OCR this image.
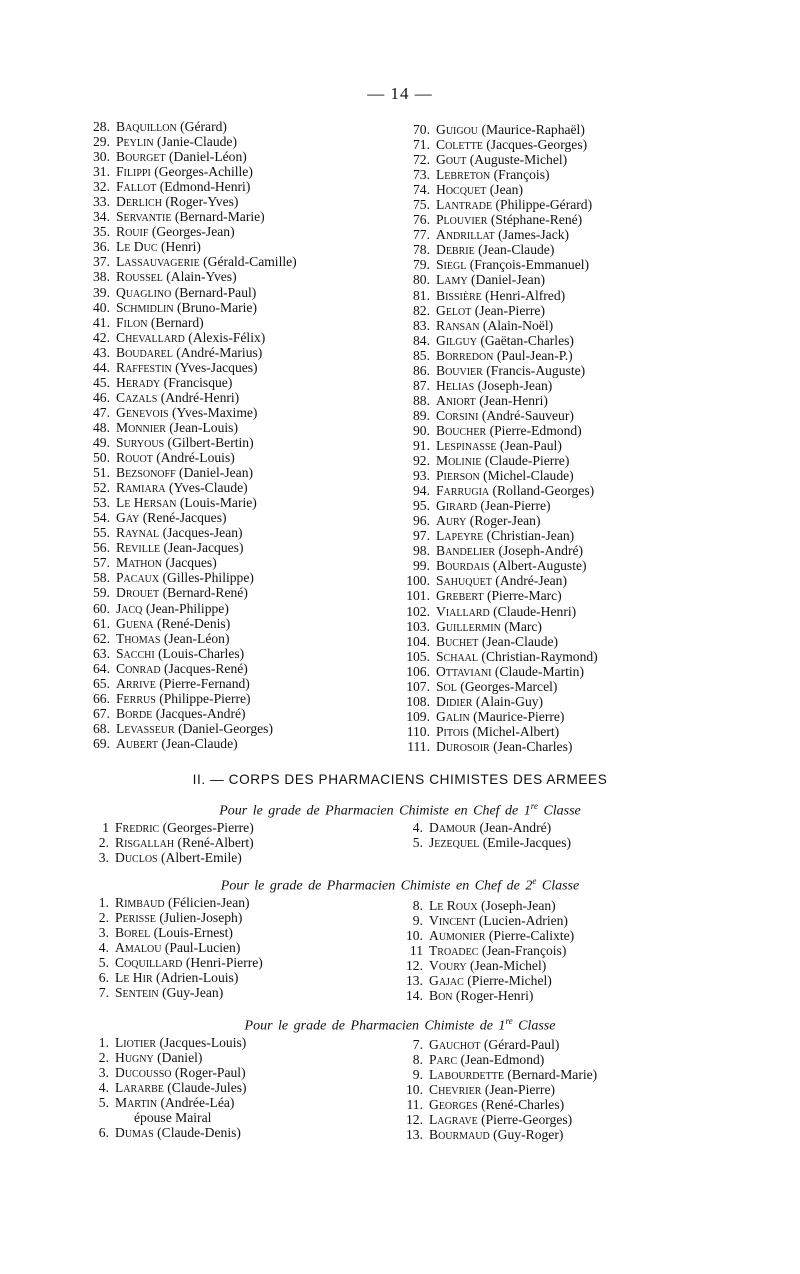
— 14 —
28. Baquillon (Gérard)
29. Peylin (Janie-Claude)
30. Bourget (Daniel-Léon)
31. Filippi (Georges-Achille)
32. Fallot (Edmond-Henri)
33. Derlich (Roger-Yves)
34. Servantie (Bernard-Marie)
35. Rouif (Georges-Jean)
36. Le Duc (Henri)
37. Lassauvagerie (Gérald-Camille)
38. Roussel (Alain-Yves)
39. Quaglino (Bernard-Paul)
40. Schmidlin (Bruno-Marie)
41. Filon (Bernard)
42. Chevallard (Alexis-Félix)
43. Boudarel (André-Marius)
44. Raffestin (Yves-Jacques)
45. Herady (Francisque)
46. Cazals (André-Henri)
47. Genevois (Yves-Maxime)
48. Monnier (Jean-Louis)
49. Suryous (Gilbert-Bertin)
50. Rouot (André-Louis)
51. Bezsonoff (Daniel-Jean)
52. Ramiara (Yves-Claude)
53. Le Hersan (Louis-Marie)
54. Gay (René-Jacques)
55. Raynal (Jacques-Jean)
56. Reville (Jean-Jacques)
57. Mathon (Jacques)
58. Pacaux (Gilles-Philippe)
59. Drouet (Bernard-René)
60. Jacq (Jean-Philippe)
61. Guena (René-Denis)
62. Thomas (Jean-Léon)
63. Sacchi (Louis-Charles)
64. Conrad (Jacques-René)
65. Arrive (Pierre-Fernand)
66. Ferrus (Philippe-Pierre)
67. Borde (Jacques-André)
68. Levasseur (Daniel-Georges)
69. Aubert (Jean-Claude)
70. Guigou (Maurice-Raphaël)
71. Colette (Jacques-Georges)
72. Gout (Auguste-Michel)
73. Lebreton (François)
74. Hocquet (Jean)
75. Lantrade (Philippe-Gérard)
76. Plouvier (Stéphane-René)
77. Andrillat (James-Jack)
78. Debrie (Jean-Claude)
79. Siegl (François-Emmanuel)
80. Lamy (Daniel-Jean)
81. Bissière (Henri-Alfred)
82. Gelot (Jean-Pierre)
83. Ransan (Alain-Noël)
84. Gilguy (Gaëtan-Charles)
85. Borredon (Paul-Jean-P.)
86. Bouvier (Francis-Auguste)
87. Helias (Joseph-Jean)
88. Aniort (Jean-Henri)
89. Corsini (André-Sauveur)
90. Boucher (Pierre-Edmond)
91. Lespinasse (Jean-Paul)
92. Molinie (Claude-Pierre)
93. Pierson (Michel-Claude)
94. Farrugia (Rolland-Georges)
95. Girard (Jean-Pierre)
96. Aury (Roger-Jean)
97. Lapeyre (Christian-Jean)
98. Bandelier (Joseph-André)
99. Bourdais (Albert-Auguste)
100. Sahuquet (André-Jean)
101. Grebert (Pierre-Marc)
102. Viallard (Claude-Henri)
103. Guillermin (Marc)
104. Buchet (Jean-Claude)
105. Schaal (Christian-Raymond)
106. Ottaviani (Claude-Martin)
107. Sol (Georges-Marcel)
108. Didier (Alain-Guy)
109. Galin (Maurice-Pierre)
110. Pitois (Michel-Albert)
111. Durosoir (Jean-Charles)
II. — CORPS DES PHARMACIENS CHIMISTES DES ARMEES
Pour le grade de Pharmacien Chimiste en Chef de 1re Classe
1 Fredric (Georges-Pierre)
2. Risgallah (René-Albert)
3. Duclos (Albert-Emile)
4. Damour (Jean-André)
5. Jezequel (Emile-Jacques)
Pour le grade de Pharmacien Chimiste en Chef de 2e Classe
1. Rimbaud (Félicien-Jean)
2. Perisse (Julien-Joseph)
3. Borel (Louis-Ernest)
4. Amalou (Paul-Lucien)
5. Coquillard (Henri-Pierre)
6. Le Hir (Adrien-Louis)
7. Sentein (Guy-Jean)
8. Le Roux (Joseph-Jean)
9. Vincent (Lucien-Adrien)
10. Aumonier (Pierre-Calixte)
11 Troadec (Jean-François)
12. Voury (Jean-Michel)
13. Gajac (Pierre-Michel)
14. Bon (Roger-Henri)
Pour le grade de Pharmacien Chimiste de 1re Classe
1. Liotier (Jacques-Louis)
2. Hugny (Daniel)
3. Ducousso (Roger-Paul)
4. Lararbe (Claude-Jules)
5. Martin (Andrée-Léa)
épouse Mairal
6. Dumas (Claude-Denis)
7. Gauchot (Gérard-Paul)
8. Parc (Jean-Edmond)
9. Labourdette (Bernard-Marie)
10. Chevrier (Jean-Pierre)
11. Georges (René-Charles)
12. Lagrave (Pierre-Georges)
13. Bourmaud (Guy-Roger)
